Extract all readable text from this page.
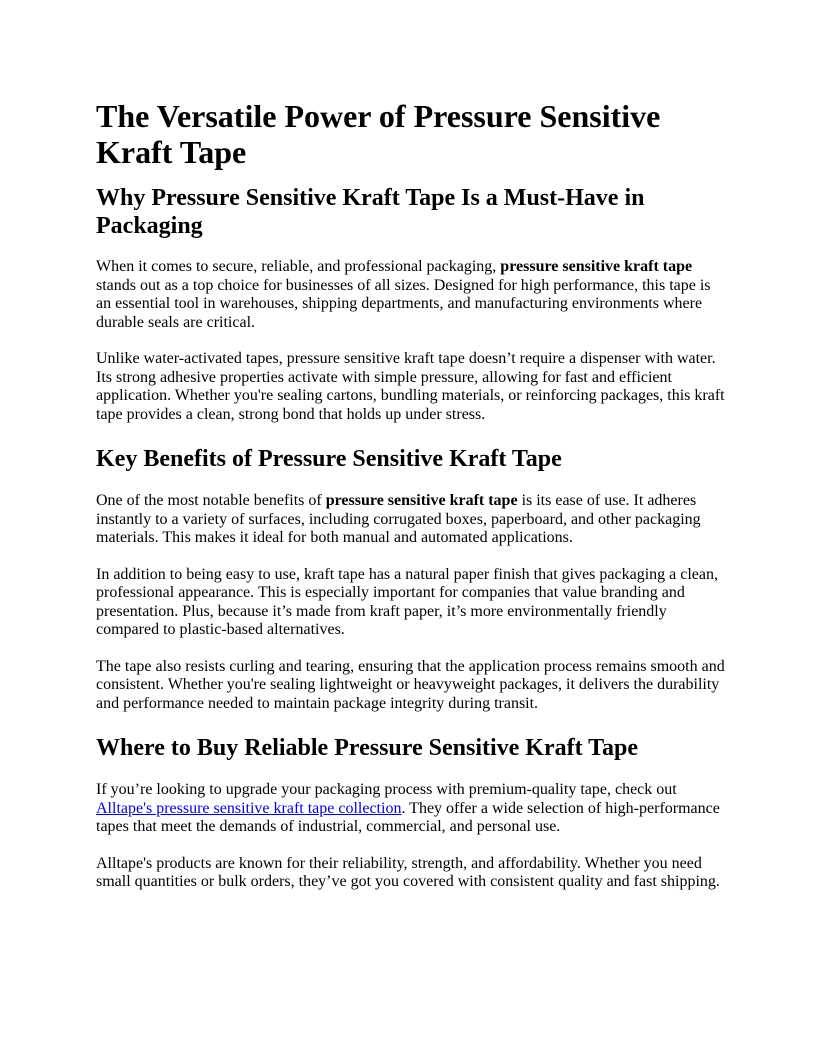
The Versatile Power of Pressure Sensitive Kraft Tape
Why Pressure Sensitive Kraft Tape Is a Must-Have in Packaging

When it comes to secure, reliable, and professional packaging, pressure sensitive kraft tape stands out as a top choice for businesses of all sizes. Designed for high performance, this tape is an essential tool in warehouses, shipping departments, and manufacturing environments where durable seals are critical.

Unlike water-activated tapes, pressure sensitive kraft tape doesn’t require a dispenser with water. Its strong adhesive properties activate with simple pressure, allowing for fast and efficient application. Whether you're sealing cartons, bundling materials, or reinforcing packages, this kraft tape provides a clean, strong bond that holds up under stress.

Key Benefits of Pressure Sensitive Kraft Tape

One of the most notable benefits of pressure sensitive kraft tape is its ease of use. It adheres instantly to a variety of surfaces, including corrugated boxes, paperboard, and other packaging materials. This makes it ideal for both manual and automated applications.

In addition to being easy to use, kraft tape has a natural paper finish that gives packaging a clean, professional appearance. This is especially important for companies that value branding and presentation. Plus, because it’s made from kraft paper, it’s more environmentally friendly compared to plastic-based alternatives.

The tape also resists curling and tearing, ensuring that the application process remains smooth and consistent. Whether you're sealing lightweight or heavyweight packages, it delivers the durability and performance needed to maintain package integrity during transit.

Where to Buy Reliable Pressure Sensitive Kraft Tape

If you’re looking to upgrade your packaging process with premium-quality tape, check out Alltape's pressure sensitive kraft tape collection. They offer a wide selection of high-performance tapes that meet the demands of industrial, commercial, and personal use.

Alltape's products are known for their reliability, strength, and affordability. Whether you need small quantities or bulk orders, they’ve got you covered with consistent quality and fast shipping.
